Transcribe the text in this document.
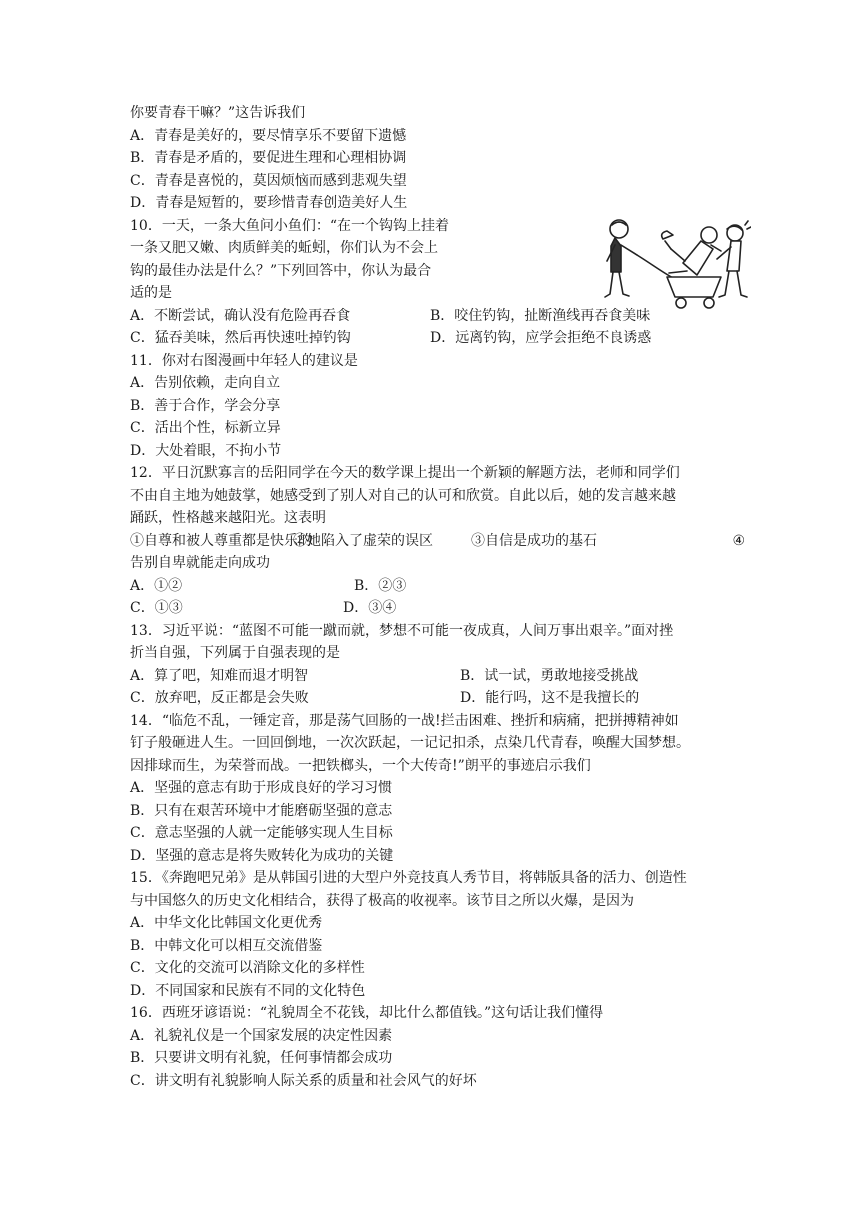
你要青春干嘛？”这告诉我们
A．青春是美好的，要尽情享乐不要留下遗憾
B．青春是矛盾的，要促进生理和心理相协调
C．青春是喜悦的，莫因烦恼而感到悲观失望
D．青春是短暂的，要珍惜青春创造美好人生
10．一天，一条大鱼问小鱼们：“在一个钩钩上挂着
一条又肥又嫩、肉质鲜美的蚯蚓，你们认为不会上
钩的最佳办法是什么？”下列回答中，你认为最合
适的是
A．不断尝试，确认没有危险再吞食	B．咬住钓钩，扯断渔线再吞食美味
C．猛吞美味，然后再快速吐掉钓钩	D．远离钓钩，应学会拒绝不良诱惑
11．你对右图漫画中年轻人的建议是
A．告别依赖，走向自立
B．善于合作，学会分享
C．活出个性，标新立异
D．大处着眼，不拘小节
12．平日沉默寡言的岳阳同学在今天的数学课上提出一个新颖的解题方法，老师和同学们
不由自主地为她鼓掌，她感受到了别人对自己的认可和欣赏。自此以后，她的发言越来越
踊跃，性格越来越阳光。这表明
①自尊和被人尊重都是快乐的
②她陷入了虚荣的误区	③自信是成功的基石	④
告别自卑就能走向成功
A．①②	B．②③
C．①③	D．③④
13．习近平说：“蓝图不可能一蹴而就，梦想不可能一夜成真，人间万事出艰辛。”面对挫
折当自强，下列属于自强表现的是
A．算了吧，知难而退才明智	B．试一试，勇敢地接受挑战
C．放弃吧，反正都是会失败	D．能行吗，这不是我擅长的
14．“临危不乱，一锤定音，那是荡气回肠的一战!拦击困难、挫折和病痛，把拼搏精神如
钉子般砸进人生。一回回倒地，一次次跃起，一记记扣杀，点染几代青春，唤醒大国梦想。
因排球而生，为荣誉而战。一把铁榔头，一个大传奇!”朗平的事迹启示我们
A．坚强的意志有助于形成良好的学习习惯
B．只有在艰苦环境中才能磨砺坚强的意志
C．意志坚强的人就一定能够实现人生目标
D．坚强的意志是将失败转化为成功的关键
15．《奔跑吧兄弟》是从韩国引进的大型户外竞技真人秀节目，将韩版具备的活力、创造性
与中国悠久的历史文化相结合，获得了极高的收视率。该节目之所以火爆，是因为
A．中华文化比韩国文化更优秀
B．中韩文化可以相互交流借鉴
C．文化的交流可以消除文化的多样性
D．不同国家和民族有不同的文化特色
16．西班牙谚语说：“礼貌周全不花钱，却比什么都值钱。”这句话让我们懂得
A．礼貌礼仪是一个国家发展的决定性因素
B．只要讲文明有礼貌，任何事情都会成功
C．讲文明有礼貌影响人际关系的质量和社会风气的好坏
